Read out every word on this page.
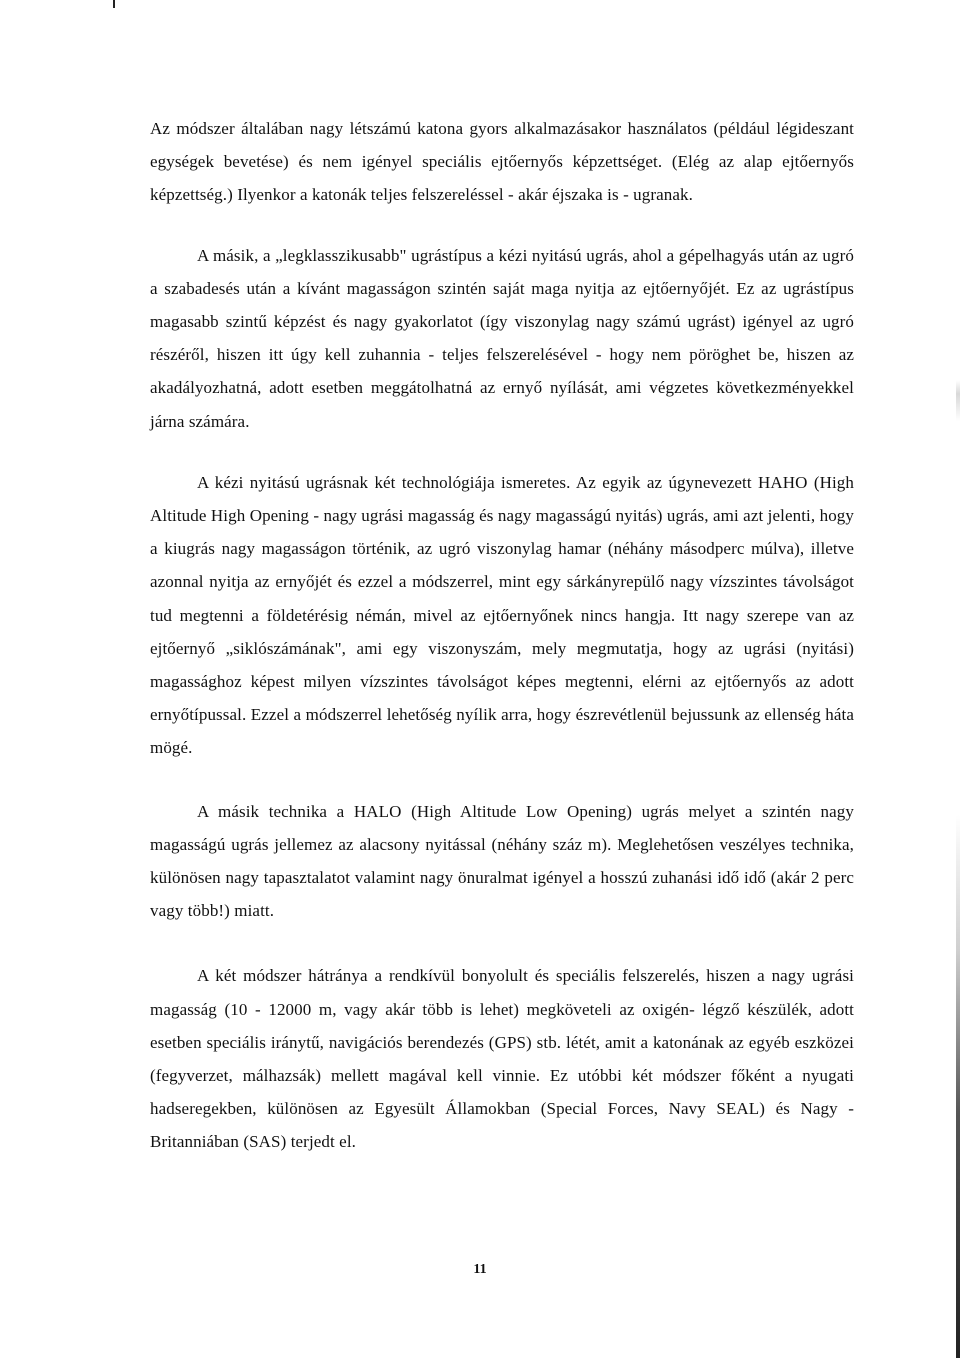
Az módszer általában nagy létszámú katona gyors alkalmazásakor használatos (például légideszant egységek bevetése) és nem igényel speciális ejtőernyős képzettséget. (Elég az alap ejtőernyős képzettség.) Ilyenkor a katonák teljes felszereléssel - akár éjszaka is - ugranak.

A másik, a „legklasszikusabb" ugrástípus a kézi nyitású ugrás, ahol a gépelhagyás után az ugró a szabadesés után a kívánt magasságon szintén saját maga nyitja az ejtőernyőjét. Ez az ugrástípus magasabb szintű képzést és nagy gyakorlatot (így viszonylag nagy számú ugrást) igényel az ugró részéről, hiszen itt úgy kell zuhannia - teljes felszerelésével - hogy nem pöröghet be, hiszen az akadályozhatná, adott esetben meggátolhatná az ernyő nyílását, ami végzetes következményekkel járna számára.

A kézi nyitású ugrásnak két technológiája ismeretes. Az egyik az úgynevezett HAHO (High Altitude High Opening - nagy ugrási magasság és nagy magasságú nyitás) ugrás, ami azt jelenti, hogy a kiugrás nagy magasságon történik, az ugró viszonylag hamar (néhány másodperc múlva), illetve azonnal nyitja az ernyőjét és ezzel a módszerrel, mint egy sárkányrepülő nagy vízszintes távolságot tud megtenni a földetérésig némán, mivel az ejtőernyőnek nincs hangja. Itt nagy szerepe van az ejtőernyő „siklószámának", ami egy viszonyszám, mely megmutatja, hogy az ugrási (nyitási) magassághoz képest milyen vízszintes távolságot képes megtenni, elérni az ejtőernyős az adott ernyőtípussal. Ezzel a módszerrel lehetőség nyílik arra, hogy észrevétlenül bejussunk az ellenség háta mögé.

A másik technika a HALO (High Altitude Low Opening) ugrás melyet a szintén nagy magasságú ugrás jellemez az alacsony nyitással (néhány száz m). Meglehetősen veszélyes technika, különösen nagy tapasztalatot valamint nagy önuralmat igényel a hosszú zuhanási idő idő (akár 2 perc vagy több!) miatt.

A két módszer hátránya a rendkívül bonyolult és speciális felszerelés, hiszen a nagy ugrási magasság (10 - 12000 m, vagy akár több is lehet) megköveteli az oxigén- légző készülék, adott esetben speciális iránytű, navigációs berendezés (GPS) stb. létét, amit a katonának az egyéb eszközei (fegyverzet, málhazsák) mellett magával kell vinnie. Ez utóbbi két módszer főként a nyugati hadseregekben, különösen az Egyesült Államokban (Special Forces, Navy SEAL) és Nagy - Britanniában (SAS) terjedt el.

11
